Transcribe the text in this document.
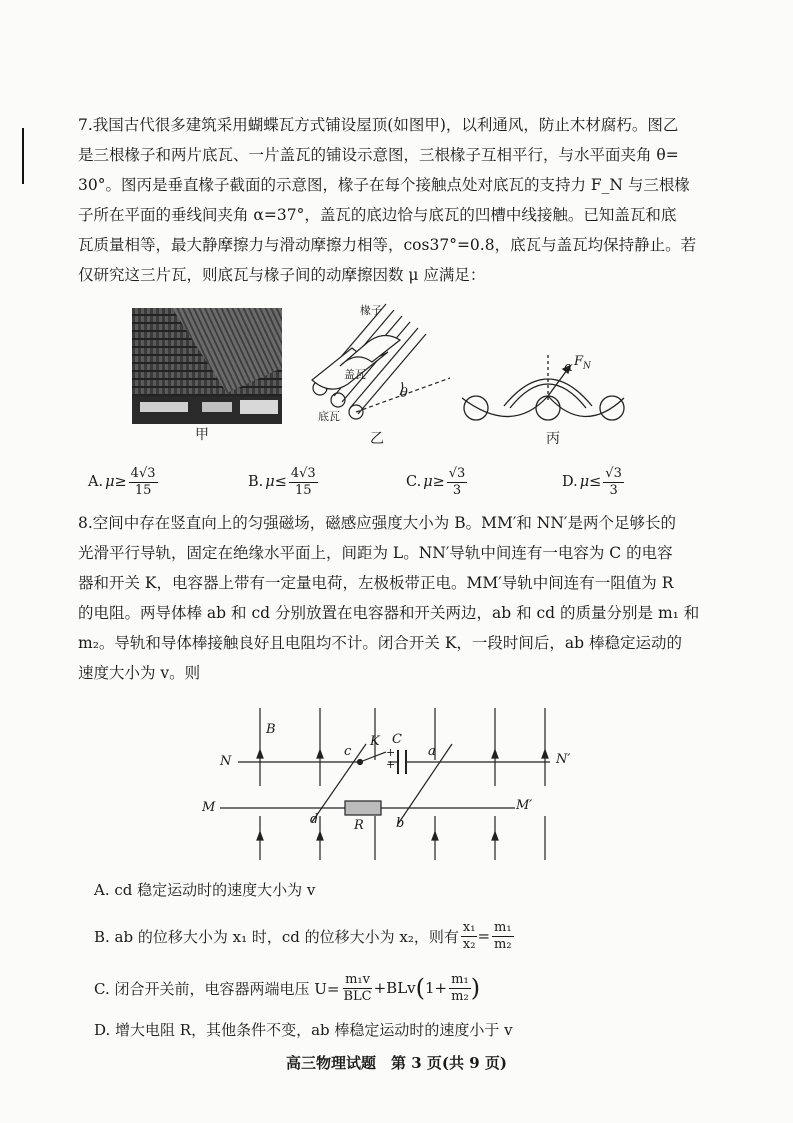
7.我国古代很多建筑采用蝴蝶瓦方式铺设屋顶(如图甲)，以利通风，防止木材腐朽。图乙

是三根椽子和两片底瓦、一片盖瓦的铺设示意图，三根椽子互相平行，与水平面夹角 θ=

30°。图丙是垂直椽子截面的示意图，椽子在每个接触点处对底瓦的支持力 F_N 与三根椽

子所在平面的垂线间夹角 α=37°，盖瓦的底边恰与底瓦的凹槽中线接触。已知盖瓦和底

瓦质量相等，最大静摩擦力与滑动摩擦力相等，cos37°=0.8，底瓦与盖瓦均保持静止。若

仅研究这三片瓦，则底瓦与椽子间的动摩擦因数 μ 应满足：

甲
椽子
盖瓦
底瓦
θ
乙
α $F_N$
丙
A. $\mu\ge \frac{4√3}{15}$	B. $\mu\le \frac{4√3}{15}$	C. $\mu\ge \frac{√3}{3}$	D. $\mu\le \frac{√3}{3}$

8.空间中存在竖直向上的匀强磁场，磁感应强度大小为 B。MM′和 NN′是两个足够长的

光滑平行导轨，固定在绝缘水平面上，间距为 L。NN′导轨中间连有一电容为 C 的电容

器和开关 K，电容器上带有一定量电荷，左极板带正电。MM′导轨中间连有一阻值为 R

的电阻。两导体棒 ab 和 cd 分别放置在电容器和开关两边，ab 和 cd 的质量分别是 m₁ 和

m₂。导轨和导体棒接触良好且电阻均不计。闭合开关 K，一段时间后，ab 棒稳定运动的

速度大小为 v。则

B
N	N′
M	M′
c
K C
+
+
a
d	R b
A. cd 稳定运动时的速度大小为 v
B. ab 的位移大小为 x₁ 时，cd 的位移大小为 x₂，则有 $\frac{\text{x₁}}{\text{x₂}} = \frac{\text{m₁}}{\text{m₂}}$
C. 闭合开关前，电容器两端电压 $U= \frac{\text{m₁v}}{\text{BLC}} +BLv$ ( $1+ \frac{\text{m₁}}{\text{m₂}}$ )
D. 增大电阻 R，其他条件不变，ab 棒稳定运动时的速度小于 v
高三物理试题　第 3 页(共 9 页)
